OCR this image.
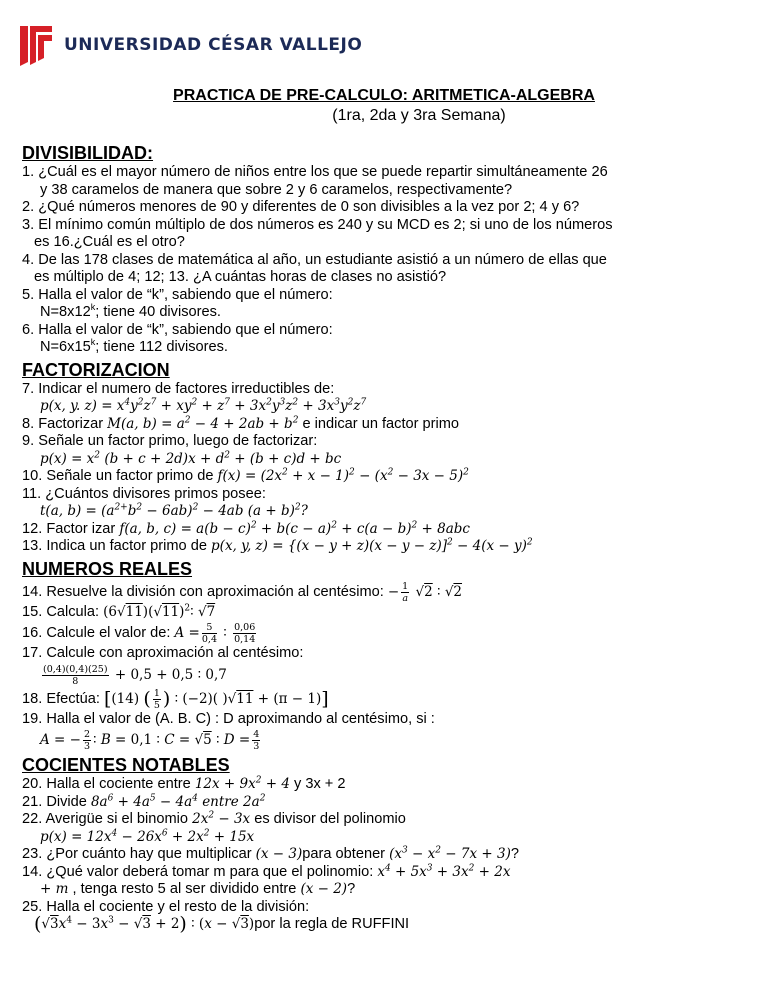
UNIVERSIDAD CÉSAR VALLEJO
PRACTICA DE PRE-CALCULO: ARITMETICA-ALGEBRA
(1ra, 2da y 3ra Semana)
DIVISIBILIDAD:
1. ¿Cuál es el mayor número de niños entre los que se puede repartir simultáneamente 26
y 38 caramelos de manera que sobre 2 y 6 caramelos, respectivamente?
2. ¿Qué números menores de 90 y diferentes de 0 son divisibles a la vez por 2; 4 y 6?
3. El mínimo común múltiplo de dos números es 240 y su MCD es 2; si uno de los números
es 16.¿Cuál es el otro?
4. De las 178 clases de matemática al año, un estudiante asistió a un número de ellas que
es múltiplo de 4; 12; 13. ¿A cuántas horas de clases no asistió?
5. Halla el valor de “k”, sabiendo que el número:
$N=8x12^k$; tiene 40 divisores.
6. Halla el valor de “k”, sabiendo que el número:
$N=6x15^k$; tiene 112 divisores.
FACTORIZACION
7. Indicar el numero de factores irreductibles de:
p(x, y. $z) = x^4y^2z^7 + xy^2 + z^7 + 3x^2y^3z^2 + 3x^3y^2z^7$
8. Factorizar M(a, $b) = a^2 - 4 + 2ab + b^2$ e indicar un factor primo
9. Señale un factor primo, luego de factorizar:
$p(x) = x^2$ $(b + c + 2d)x + d^2 + (b + c)d$ + bc
10. Señale un factor primo de $f(x) = (2x^2 + x - 1)^2 - (x^2 - 3x - 5)^2$
11. ¿Cuántos divisores primos posee:
t(a, $b) = (a^{2+}b^2 - 6ab)^2 - 4ab$ $(a + b)^2$?
12. Factor izar f(a, b, $c) = a(b - c)^2 + b(c - a)^2 + c(a - b)^2 + 8abc$
13. Indica un factor primo de p(x, y, $z) = \{(x - y + z)(x - y - z)]^2 - 4(x - y)^2$
NUMEROS REALES
14. Resuelve la división con aproximación al centésimo: − $\frac{1}{a} √2$ ∶ √2
15. Calcula: $(6√11)(√11)^2∶$ √7
16. Calcule el valor de: $A = \frac{5}{0,4}$ ∶ $\frac{0,06}{0,14}$
17. Calcule con aproximación al centésimo:
$\frac{(0,4)(0,4)(25)}{8} + 0,5 + 0,5$ ∶ 0,7
18. Efectúa: [(14) ( $\frac{1}{5}$ ) ∶ (−2)( )√11 + (π − 1)]
19. Halla el valor de (A. B. C) : D aproximando al centésimo, si :
A = − $\frac{2}{3}$ ∶ B = 0,1 ∶ C = √5 ∶ $D = \frac{4}{3}$
COCIENTES NOTABLES
20. Halla el cociente entre $12x + 9x^2 + 4$ y 3x + 2
21. Divide $8a^6 + 4a^5 - 4a^4$ entre $2a^2$
22. Averigüe si el binomio $2x^2 - 3x$ es divisor del polinomio
$p(x) = 12x^4 - 26x^6 + 2x^2 + 15x$
23. ¿Por cuánto hay que multiplicar (x − 3)para obtener $(x^3 - x^2 - 7x + 3)$?
14. ¿Qué valor deberá tomar m para que el polinomio: $x^4 + 5x^3 + 3x^2 + 2x$
+ m , tenga resto 5 al ser dividido entre (x − 2)?
25. Halla el cociente y el resto de la división:
$(√3x^4 - 3x^3 - √3 + 2)$ ∶ (x − √3)por la regla de RUFFINI
